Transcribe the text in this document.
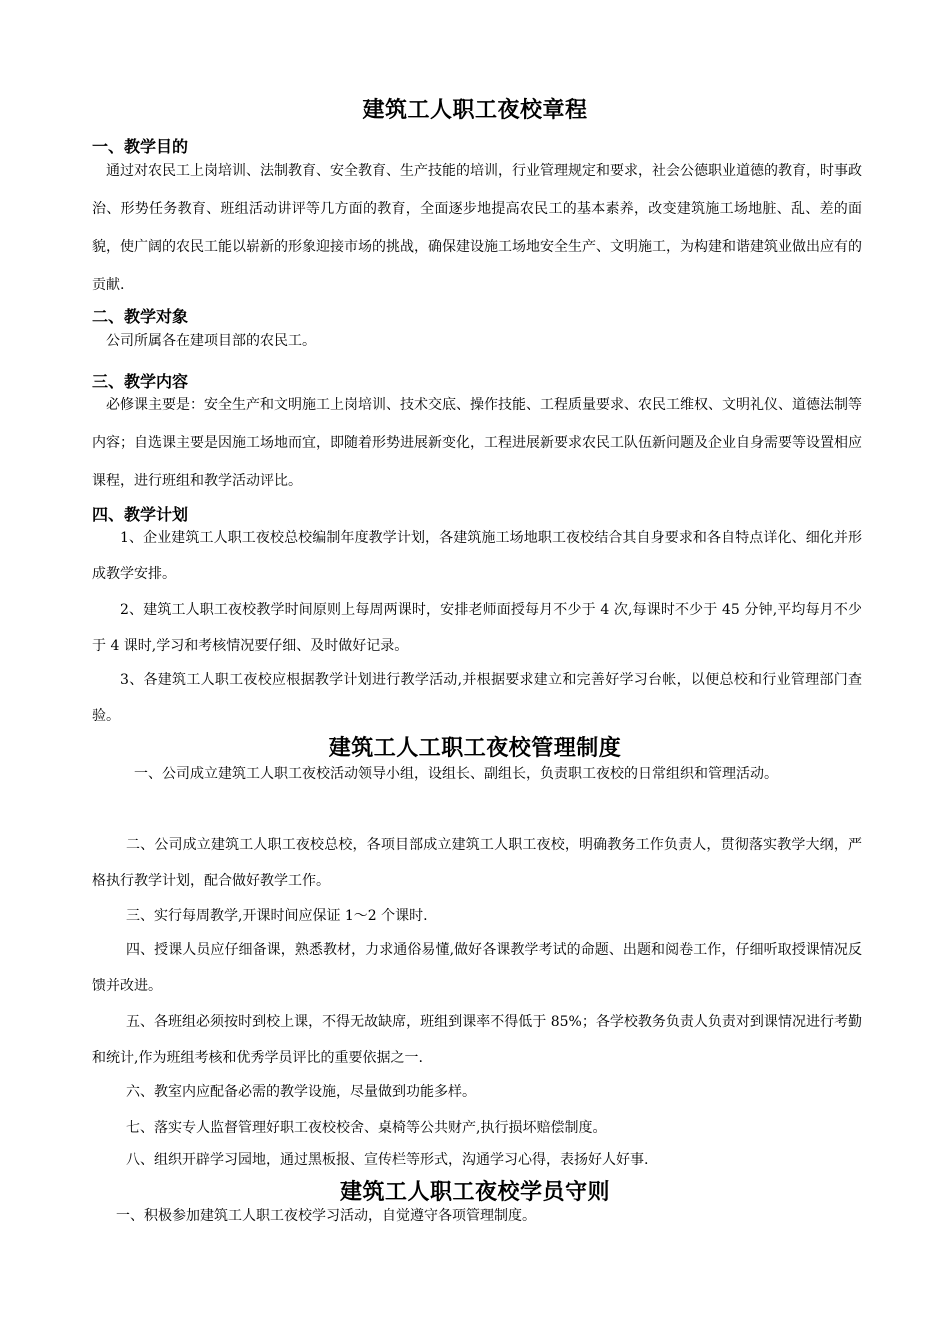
建筑工人职工夜校章程
一、教学目的

通过对农民工上岗培训、法制教育、安全教育、生产技能的培训，行业管理规定和要求，社会公德职业道德的教育，时事政治、形势任务教育、班组活动讲评等几方面的教育，全面逐步地提高农民工的基本素养，改变建筑施工场地脏、乱、差的面貌，使广阔的农民工能以崭新的形象迎接市场的挑战，确保建设施工场地安全生产、文明施工，为构建和谐建筑业做出应有的贡献.

二、教学对象

公司所属各在建项目部的农民工。

三、教学内容

必修课主要是：安全生产和文明施工上岗培训、技术交底、操作技能、工程质量要求、农民工维权、文明礼仪、道德法制等内容；自选课主要是因施工场地而宜，即随着形势进展新变化，工程进展新要求农民工队伍新问题及企业自身需要等设置相应课程，进行班组和教学活动评比。

四、教学计划

1、企业建筑工人职工夜校总校编制年度教学计划，各建筑施工场地职工夜校结合其自身要求和各自特点详化、细化并形成教学安排。

2、建筑工人职工夜校教学时间原则上每周两课时，安排老师面授每月不少于 4 次,每课时不少于 45 分钟,平均每月不少于 4 课时,学习和考核情况要仔细、及时做好记录。

3、各建筑工人职工夜校应根据教学计划进行教学活动,并根据要求建立和完善好学习台帐，以便总校和行业管理部门查验。

建筑工人工职工夜校管理制度

一、公司成立建筑工人职工夜校活动领导小组，设组长、副组长，负责职工夜校的日常组织和管理活动。

二、公司成立建筑工人职工夜校总校，各项目部成立建筑工人职工夜校，明确教务工作负责人，贯彻落实教学大纲，严格执行教学计划，配合做好教学工作。

三、实行每周教学,开课时间应保证 1～2 个课时.

四、授课人员应仔细备课，熟悉教材，力求通俗易懂,做好各课教学考试的命题、出题和阅卷工作，仔细听取授课情况反馈并改进。

五、各班组必须按时到校上课，不得无故缺席，班组到课率不得低于 85%；各学校教务负责人负责对到课情况进行考勤和统计,作为班组考核和优秀学员评比的重要依据之一.

六、教室内应配备必需的教学设施，尽量做到功能多样。

七、落实专人监督管理好职工夜校校舍、桌椅等公共财产,执行损坏赔偿制度。

八、组织开辟学习园地，通过黑板报、宣传栏等形式，沟通学习心得，表扬好人好事.

建筑工人职工夜校学员守则

一、积极参加建筑工人职工夜校学习活动，自觉遵守各项管理制度。
